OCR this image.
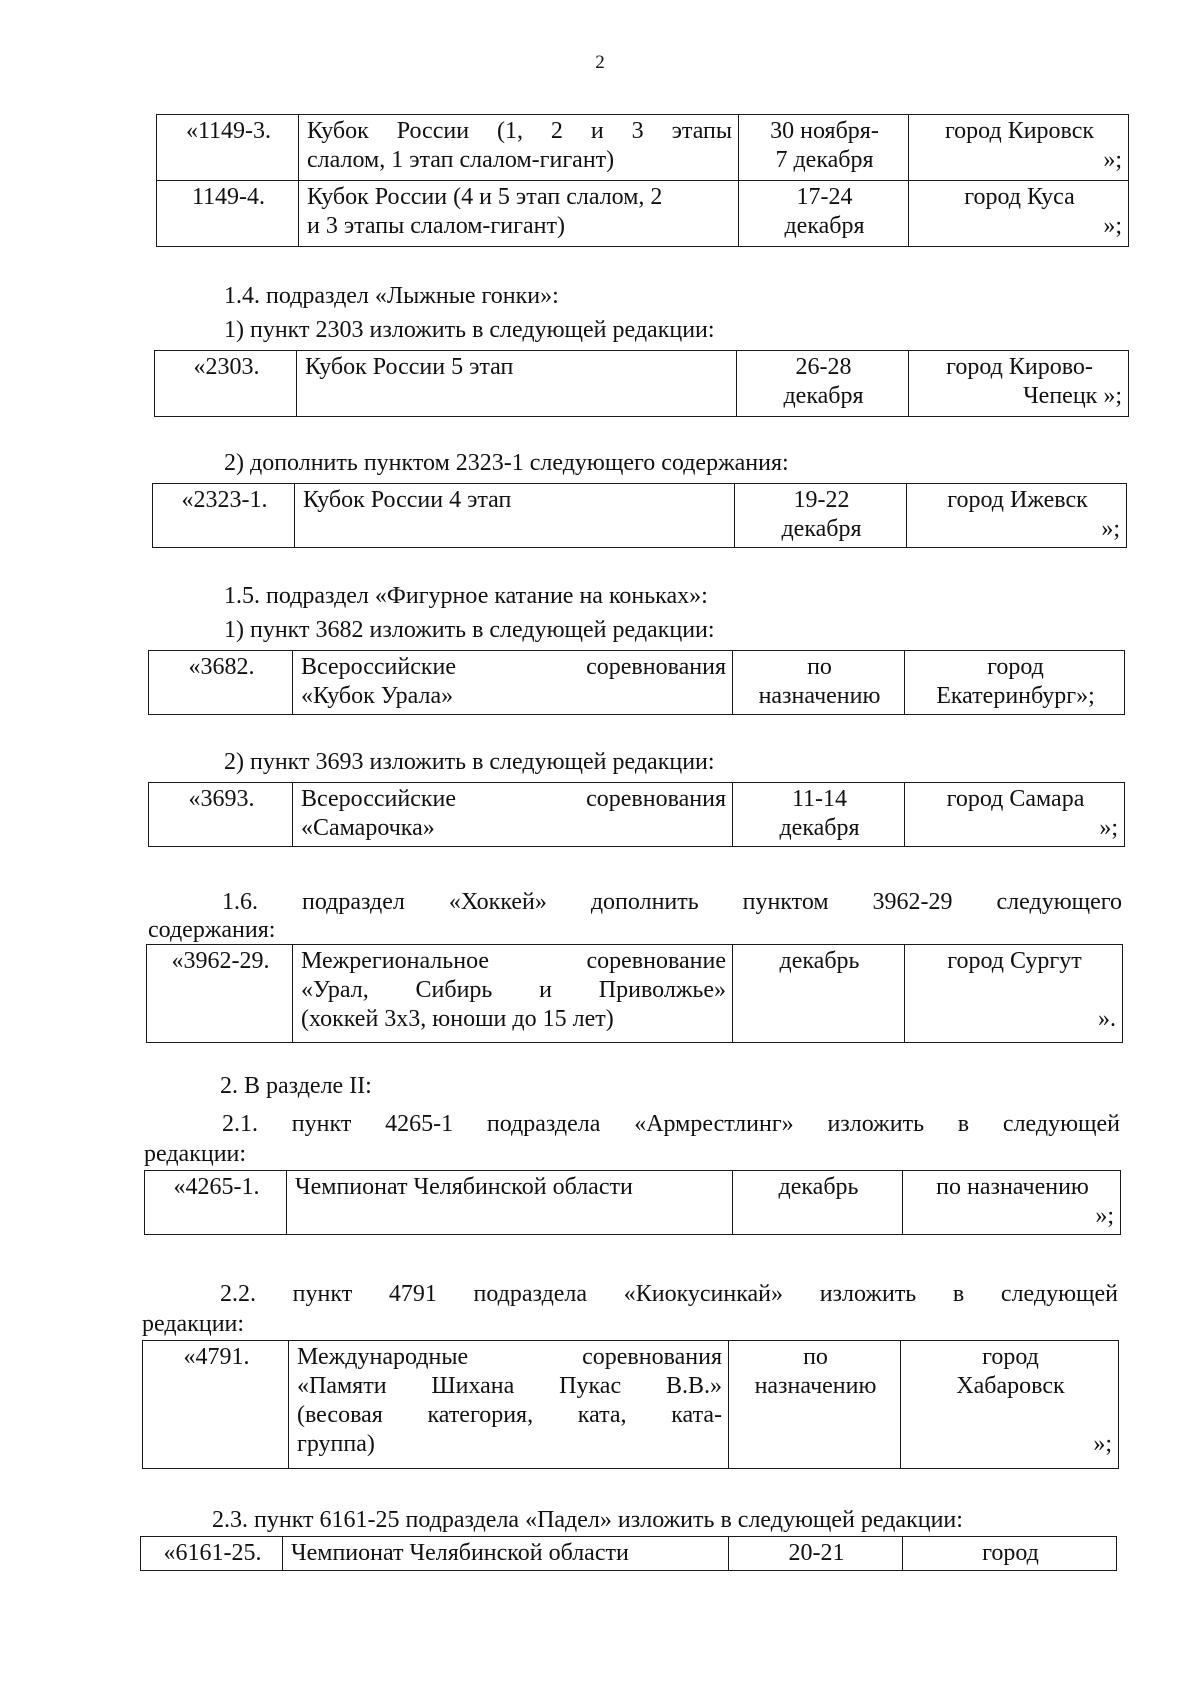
2
«1149-3.	Кубок России (1, 2 и 3 этапы
слалом, 1 этап слалом-гигант)	30 ноября-
7 декабря	город Кировск
»;

1149-4.	Кубок России (4 и 5 этап слалом, 2
и 3 этапы слалом-гигант)	17-24
декабря	город Куса
»;
1.4. подраздел «Лыжные гонки»:
1) пункт 2303 изложить в следующей редакции:
«2303.	Кубок России 5 этап	26-28
декабря	город Кирово-
Чепецк »;
2) дополнить пунктом 2323-1 следующего содержания:
«2323-1.	Кубок России 4 этап	19-22
декабря	город Ижевск
»;
1.5. подраздел «Фигурное катание на коньках»:
1) пункт 3682 изложить в следующей редакции:
«3682.	Всероссийские соревнования
«Кубок Урала»
	по
назначению	город
Екатеринбург»;
2) пункт 3693 изложить в следующей редакции:
«3693.	Всероссийские соревнования
«Самарочка»
	11-14
декабря	город Самара
»;
1.6. подраздел «Хоккей» дополнить пунктом 3962-29 следующего
содержания:
«3962-29.	Межрегиональное соревнование
«Урал, Сибирь и Приволжье»
(хоккей 3х3, юноши до 15 лет)
	декабрь	город Сургут
».
2. В разделе II:
2.1. пункт 4265-1 подраздела «Армрестлинг» изложить в следующей
редакции:
«4265-1.	Чемпионат Челябинской области	декабрь	по назначению
»;
2.2. пункт 4791 подраздела «Киокусинкай» изложить в следующей
редакции:
«4791.	Международные соревнования
«Памяти Шихана Пукас В.В.»
(весовая категория, ката, ката-
группа)
	по
назначению	город
Хабаровск
»;
2.3. пункт 6161-25 подраздела «Падел» изложить в следующей редакции:
«6161-25.	Чемпионат Челябинской области	20-21	город
